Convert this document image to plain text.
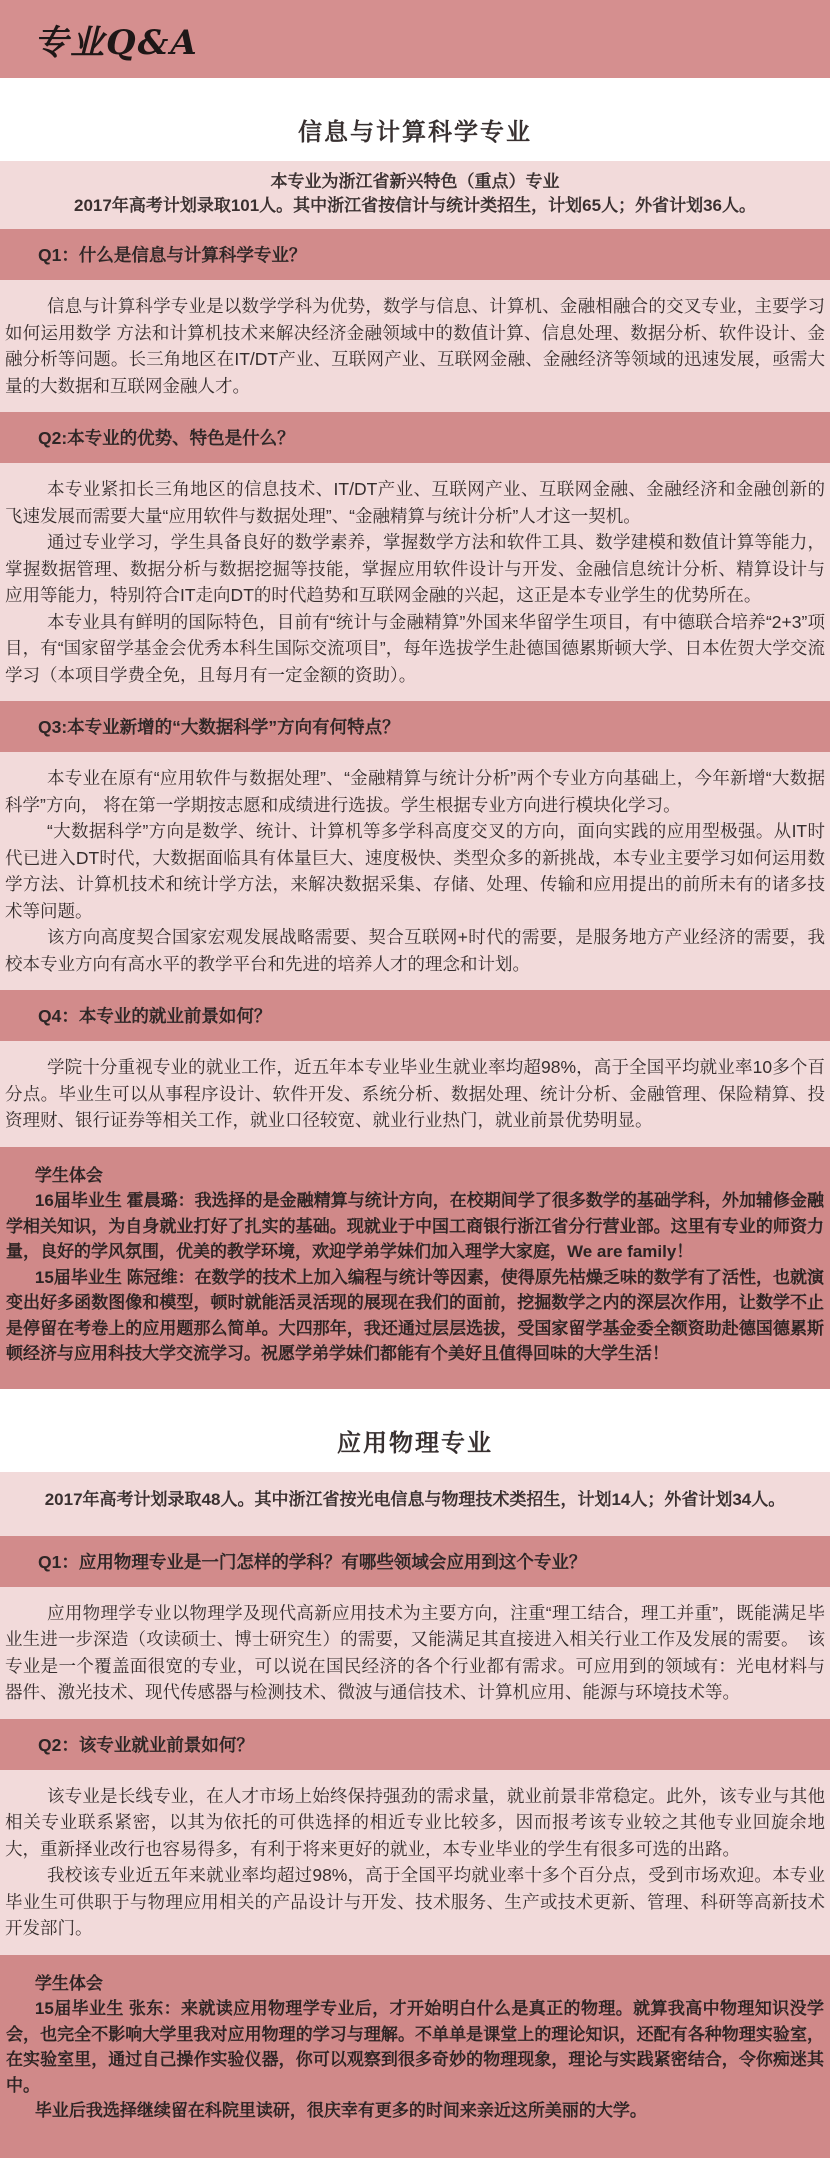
专业Q&A
信息与计算科学专业

本专业为浙江省新兴特色（重点）专业

2017年高考计划录取101人。其中浙江省按信计与统计类招生，计划65人；外省计划36人。

Q1：什么是信息与计算科学专业？

信息与计算科学专业是以数学学科为优势，数学与信息、计算机、金融相融合的交叉专业，主要学习如何运用数学 方法和计算机技术来解决经济金融领域中的数值计算、信息处理、数据分析、软件设计、金融分析等问题。长三角地区在IT/DT产业、互联网产业、互联网金融、金融经济等领域的迅速发展，亟需大量的大数据和互联网金融人才。

Q2:本专业的优势、特色是什么？

本专业紧扣长三角地区的信息技术、IT/DT产业、互联网产业、互联网金融、金融经济和金融创新的飞速发展而需要大量“应用软件与数据处理”、“金融精算与统计分析”人才这一契机。

通过专业学习，学生具备良好的数学素养，掌握数学方法和软件工具、数学建模和数值计算等能力，掌握数据管理、数据分析与数据挖掘等技能，掌握应用软件设计与开发、金融信息统计分析、精算设计与应用等能力，特别符合IT走向DT的时代趋势和互联网金融的兴起，这正是本专业学生的优势所在。

本专业具有鲜明的国际特色，目前有“统计与金融精算”外国来华留学生项目，有中德联合培养“2+3”项目，有“国家留学基金会优秀本科生国际交流项目”，每年选拔学生赴德国德累斯顿大学、日本佐贺大学交流学习（本项目学费全免，且每月有一定金额的资助）。

Q3:本专业新增的“大数据科学”方向有何特点？

本专业在原有“应用软件与数据处理”、“金融精算与统计分析”两个专业方向基础上，今年新增“大数据科学”方向， 将在第一学期按志愿和成绩进行选拔。学生根据专业方向进行模块化学习。

“大数据科学”方向是数学、统计、计算机等多学科高度交叉的方向，面向实践的应用型极强。从IT时代已进入DT时代，大数据面临具有体量巨大、速度极快、类型众多的新挑战，本专业主要学习如何运用数学方法、计算机技术和统计学方法，来解决数据采集、存储、处理、传输和应用提出的前所未有的诸多技术等问题。

该方向高度契合国家宏观发展战略需要、契合互联网+时代的需要，是服务地方产业经济的需要，我校本专业方向有高水平的教学平台和先进的培养人才的理念和计划。

Q4：本专业的就业前景如何？

学院十分重视专业的就业工作，近五年本专业毕业生就业率均超98%，高于全国平均就业率10多个百分点。毕业生可以从事程序设计、软件开发、系统分析、数据处理、统计分析、金融管理、保险精算、投资理财、银行证券等相关工作，就业口径较宽、就业行业热门，就业前景优势明显。

学生体会

16届毕业生 霍晨璐：我选择的是金融精算与统计方向，在校期间学了很多数学的基础学科，外加辅修金融学相关知识，为自身就业打好了扎实的基础。现就业于中国工商银行浙江省分行营业部。这里有专业的师资力量，良好的学风氛围，优美的教学环境，欢迎学弟学妹们加入理学大家庭，We are family！

15届毕业生 陈冠维：在数学的技术上加入编程与统计等因素，使得原先枯燥乏味的数学有了活性，也就演变出好多函数图像和模型，顿时就能活灵活现的展现在我们的面前，挖掘数学之内的深层次作用，让数学不止是停留在考卷上的应用题那么简单。大四那年，我还通过层层选拔，受国家留学基金委全额资助赴德国德累斯顿经济与应用科技大学交流学习。祝愿学弟学妹们都能有个美好且值得回味的大学生活！

应用物理专业

2017年高考计划录取48人。其中浙江省按光电信息与物理技术类招生，计划14人；外省计划34人。

Q1：应用物理专业是一门怎样的学科？有哪些领域会应用到这个专业？

应用物理学专业以物理学及现代高新应用技术为主要方向，注重“理工结合，理工并重”，既能满足毕业生进一步深造（攻读硕士、博士研究生）的需要，又能满足其直接进入相关行业工作及发展的需要。　该专业是一个覆盖面很宽的专业，可以说在国民经济的各个行业都有需求。可应用到的领域有：光电材料与器件、激光技术、现代传感器与检测技术、微波与通信技术、计算机应用、能源与环境技术等。

Q2：该专业就业前景如何？

该专业是长线专业，在人才市场上始终保持强劲的需求量，就业前景非常稳定。此外，该专业与其他相关专业联系紧密，以其为依托的可供选择的相近专业比较多，因而报考该专业较之其他专业回旋余地大，重新择业改行也容易得多，有利于将来更好的就业，本专业毕业的学生有很多可选的出路。

我校该专业近五年来就业率均超过98%，高于全国平均就业率十多个百分点，受到市场欢迎。本专业毕业生可供职于与物理应用相关的产品设计与开发、技术服务、生产或技术更新、管理、科研等高新技术开发部门。

学生体会

15届毕业生 张东：来就读应用物理学专业后，才开始明白什么是真正的物理。就算我高中物理知识没学会，也完全不影响大学里我对应用物理的学习与理解。不单单是课堂上的理论知识，还配有各种物理实验室，在实验室里，通过自己操作实验仪器，你可以观察到很多奇妙的物理现象，理论与实践紧密结合，令你痴迷其中。

毕业后我选择继续留在科院里读研，很庆幸有更多的时间来亲近这所美丽的大学。
